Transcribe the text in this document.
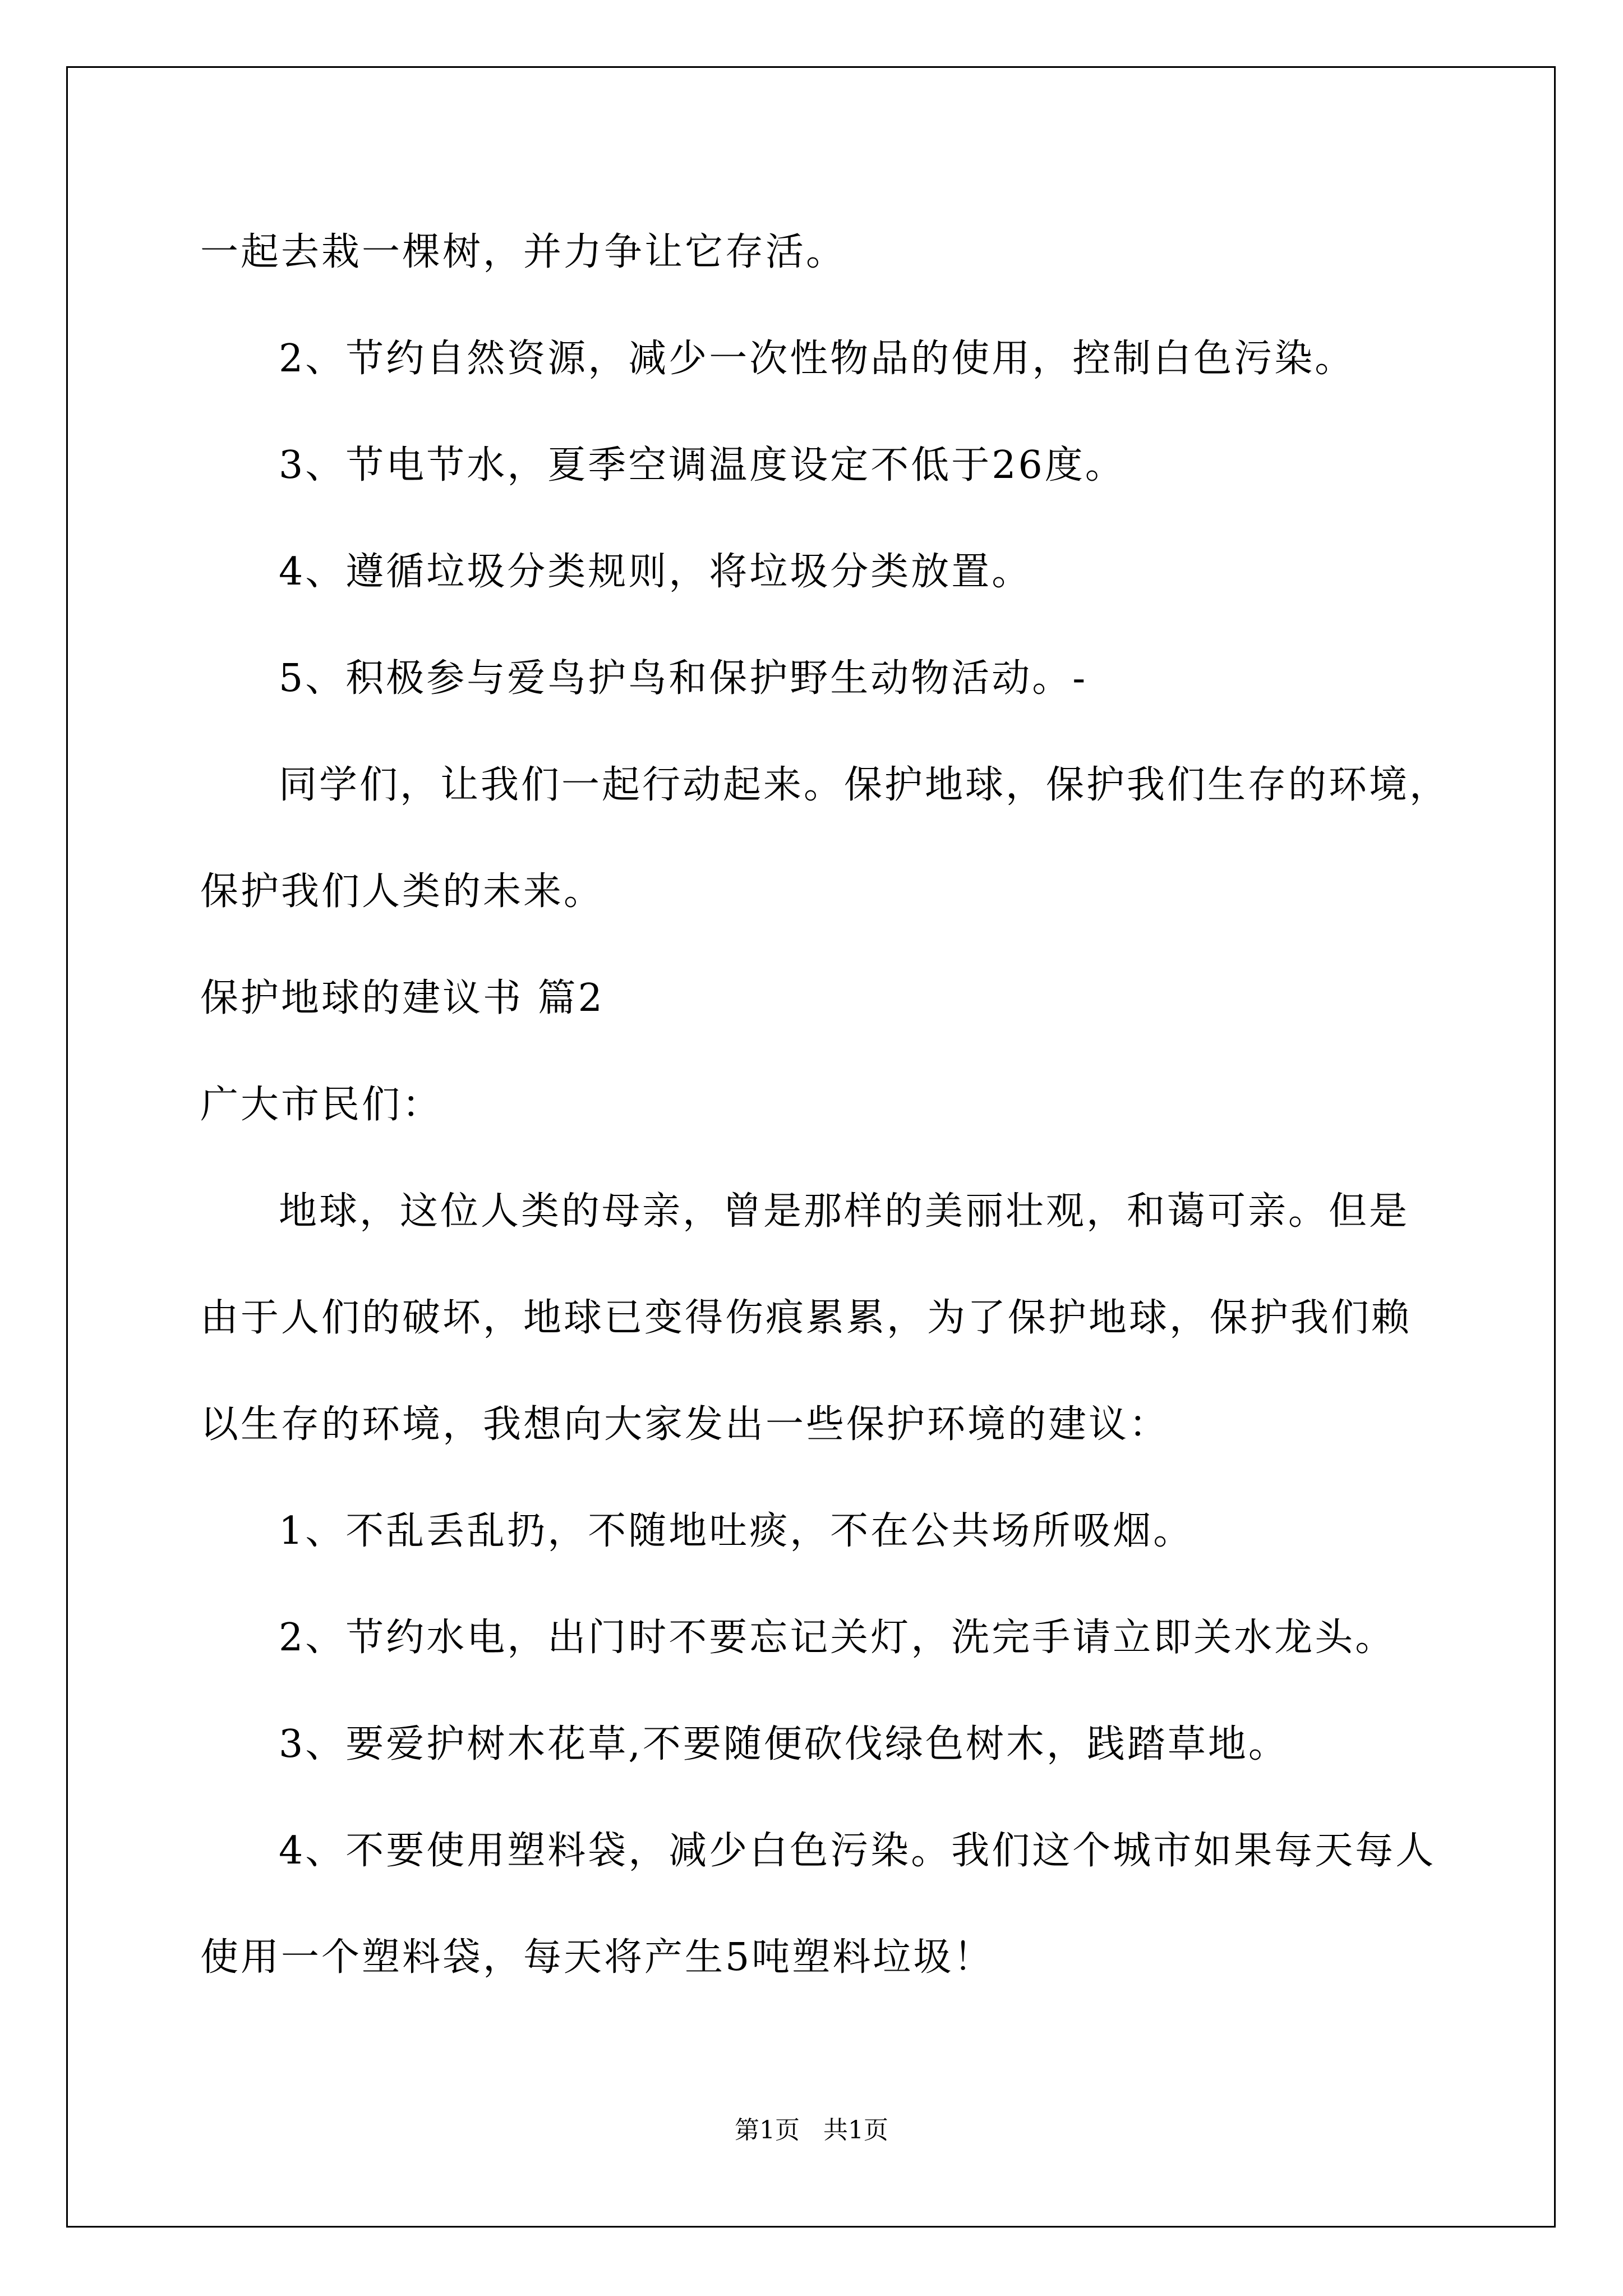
一起去栽一棵树，并力争让它存活。
2、节约自然资源，减少一次性物品的使用，控制白色污染。
3、节电节水，夏季空调温度设定不低于26度。
4、遵循垃圾分类规则，将垃圾分类放置。
5、积极参与爱鸟护鸟和保护野生动物活动。-
同学们，让我们一起行动起来。保护地球，保护我们生存的环境，
保护我们人类的未来。
保护地球的建议书 篇2
广大市民们：
地球，这位人类的母亲，曾是那样的美丽壮观，和蔼可亲。但是
由于人们的破坏，地球已变得伤痕累累，为了保护地球，保护我们赖
以生存的环境，我想向大家发出一些保护环境的建议：
1、不乱丢乱扔，不随地吐痰，不在公共场所吸烟。
2、节约水电，出门时不要忘记关灯，洗完手请立即关水龙头。
3、要爱护树木花草,不要随便砍伐绿色树木，践踏草地。
4、不要使用塑料袋，减少白色污染。我们这个城市如果每天每人
使用一个塑料袋，每天将产生5吨塑料垃圾！
第1页   共1页
